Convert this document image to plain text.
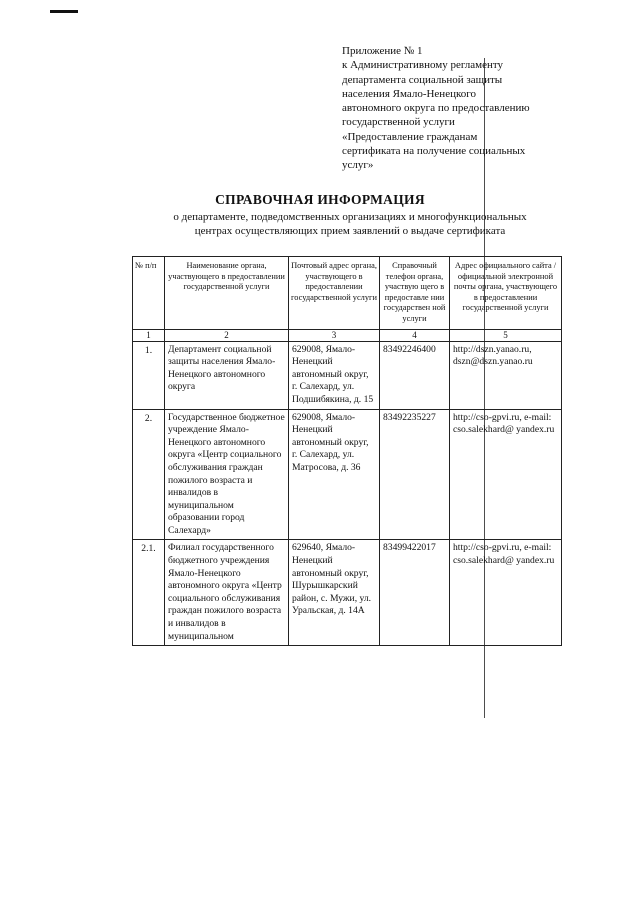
Приложение № 1
к Административному регламенту
департамента социальной защиты
населения Ямало-Ненецкого
автономного округа по предоставлению
государственной услуги
«Предоставление гражданам
сертификата на получение социальных
услуг»
СПРАВОЧНАЯ ИНФОРМАЦИЯ
о департаменте, подведомственных организациях и многофункциональных
центрах осуществляющих прием заявлений о выдаче сертификата
№ п/п	Наименование органа, участвующего в предоставлении государственной услуги	Почтовый адрес органа, участвующего в предоставлении государственной услуги	Справочный телефон органа, участвую щего в предоставле нии государствен ной услуги	Адрес официального сайта /официальной электронной почты органа, участвующего в предоставлении государственной услуги
1	2	3	4	5
1.	Департамент социальной защиты населения Ямало-Ненецкого автономного округа	629008, Ямало-Ненецкий автономный округ, г. Салехард, ул. Подшибякина, д. 15	83492246400	http://dszn.yanao.ru, dszn@dszn.yanao.ru
2.	Государственное бюджетное учреждение Ямало-Ненецкого автономного округа «Центр социального обслуживания граждан пожилого возраста и инвалидов в муниципальном образовании город Салехард»	629008, Ямало-Ненецкий автономный округ, г. Салехард, ул. Матросова, д. 36	83492235227	http://cso-gpvi.ru, e-mail: cso.salekhard@ yandex.ru
2.1.	Филиал государственного бюджетного учреждения Ямало-Ненецкого автономного округа «Центр социального обслуживания граждан пожилого возраста и инвалидов в муниципальном	629640, Ямало-Ненецкий автономный округ, Шурышкарский район, с. Мужи, ул. Уральская, д. 14А	83499422017	http://cso-gpvi.ru, e-mail: cso.salekhard@ yandex.ru
